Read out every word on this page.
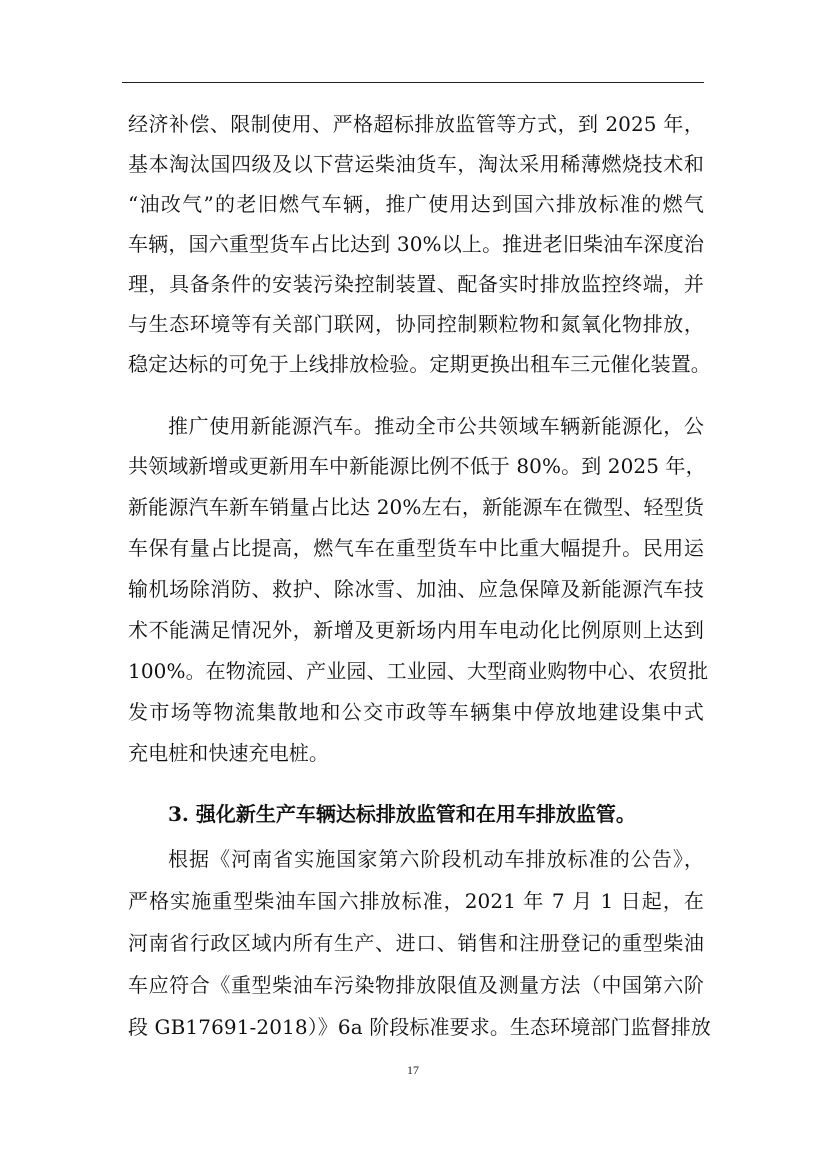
经济补偿、限制使用、严格超标排放监管等方式，到 2025 年，
基本淘汰国四级及以下营运柴油货车，淘汰采用稀薄燃烧技术和
“油改气”的老旧燃气车辆，推广使用达到国六排放标准的燃气
车辆，国六重型货车占比达到 30%以上。推进老旧柴油车深度治
理，具备条件的安装污染控制装置、配备实时排放监控终端，并
与生态环境等有关部门联网，协同控制颗粒物和氮氧化物排放，
稳定达标的可免于上线排放检验。定期更换出租车三元催化装置。
推广使用新能源汽车。推动全市公共领域车辆新能源化，公
共领域新增或更新用车中新能源比例不低于 80%。到 2025 年，
新能源汽车新车销量占比达 20%左右，新能源车在微型、轻型货
车保有量占比提高，燃气车在重型货车中比重大幅提升。民用运
输机场除消防、救护、除冰雪、加油、应急保障及新能源汽车技
术不能满足情况外，新增及更新场内用车电动化比例原则上达到
100%。在物流园、产业园、工业园、大型商业购物中心、农贸批
发市场等物流集散地和公交市政等车辆集中停放地建设集中式
充电桩和快速充电桩。
3. 强化新生产车辆达标排放监管和在用车排放监管。
根据《河南省实施国家第六阶段机动车排放标准的公告》，
严格实施重型柴油车国六排放标准，2021 年 7 月 1 日起，在
河南省行政区域内所有生产、进口、销售和注册登记的重型柴油
车应符合《重型柴油车污染物排放限值及测量方法（中国第六阶
段 GB17691-2018）》6a 阶段标准要求。生态环境部门监督排放
17
